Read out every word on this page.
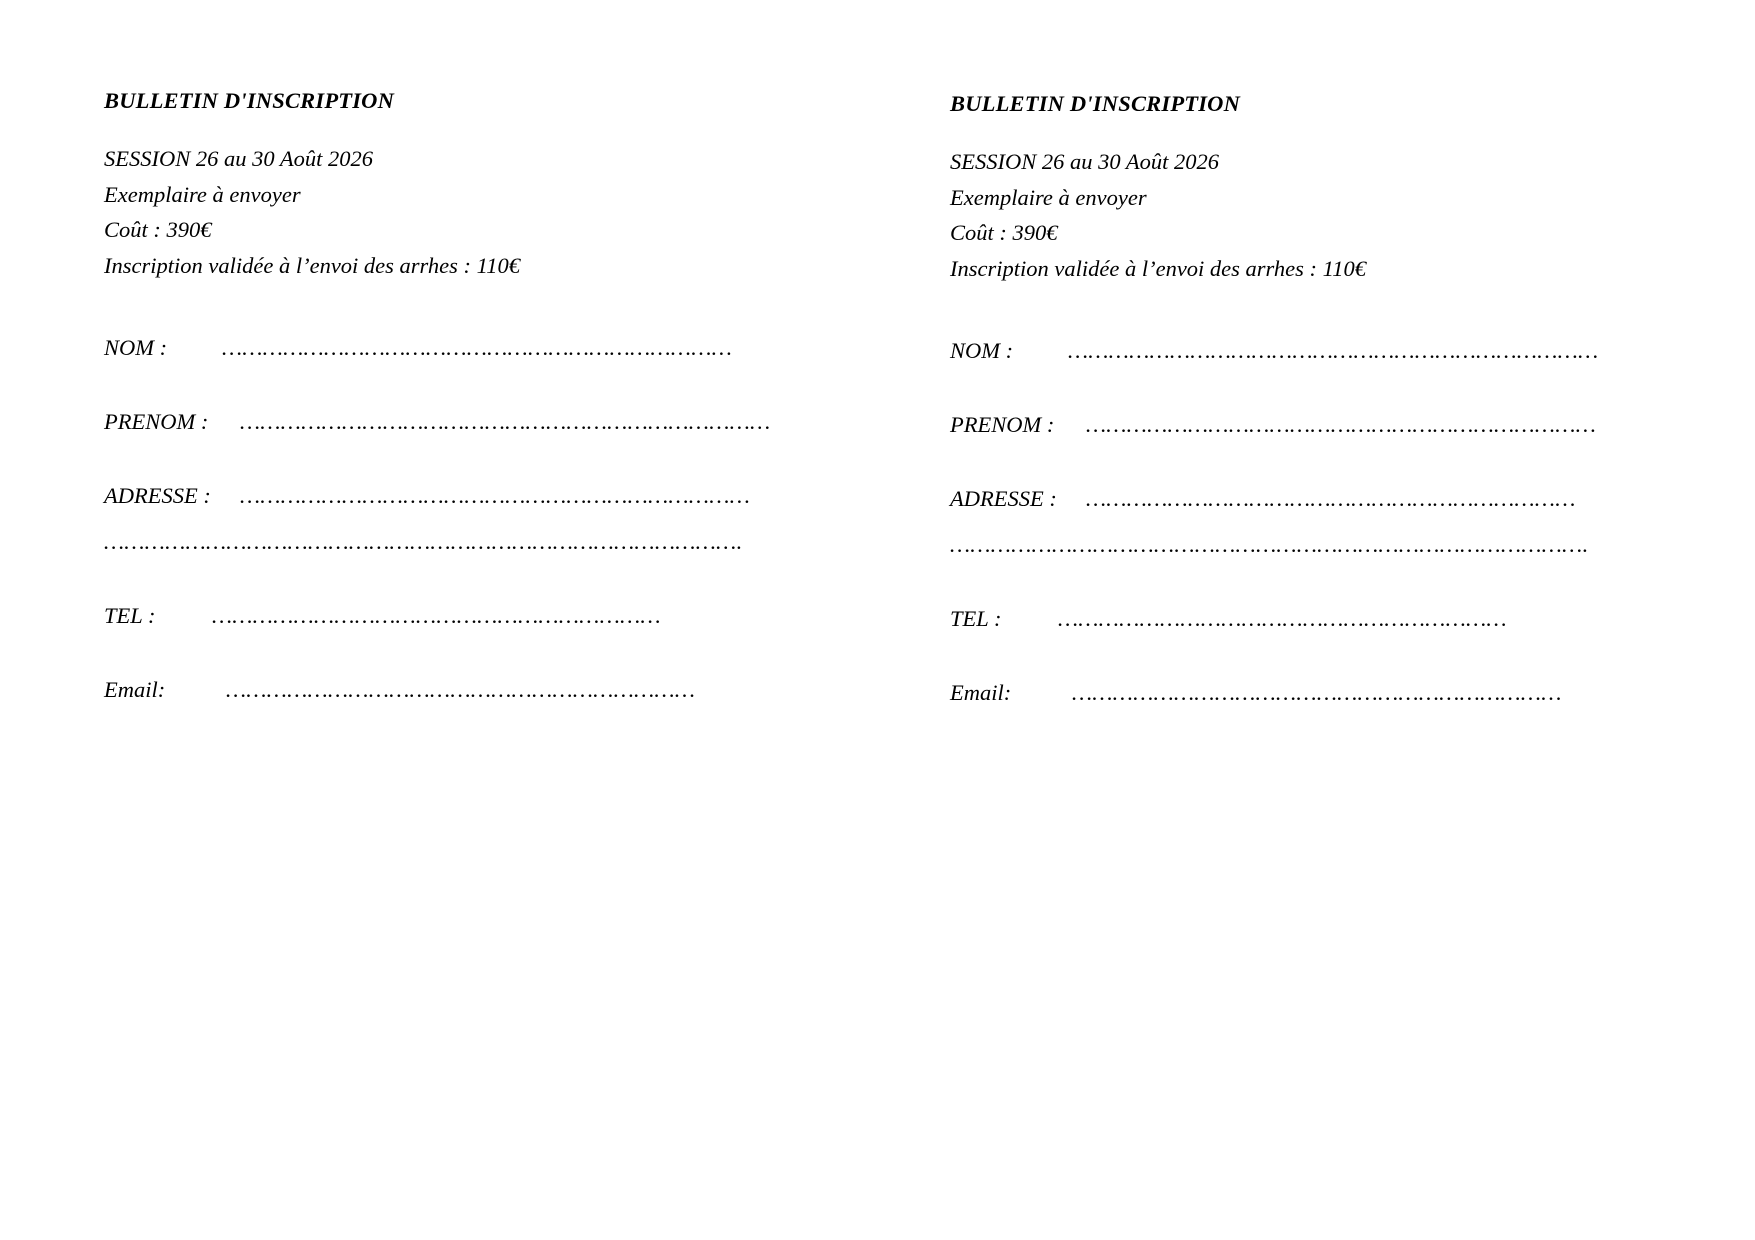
BULLETIN D'INSCRIPTION
SESSION 26 au 30 Août 2026
Exemplaire à envoyer
Coût : 390€
Inscription validée à l’envoi des arrhes : 110€
NOM :	…………………………………………………………………
PRENOM :	……………………………………………………………………
ADRESSE :	…………………………………………………………………
………………………………………………………………………………….
TEL :	…………………………………………………………
Email:	……………………………………………………………
BULLETIN D'INSCRIPTION
SESSION 26 au 30 Août 2026
Exemplaire à envoyer
Coût : 390€
Inscription validée à l’envoi des arrhes : 110€
NOM :	……………………………………………………………………
PRENOM :	…………………………………………………………………
ADRESSE :	………………………………………………………………
………………………………………………………………………………….
TEL :	…………………………………………………………
Email:	………………………………………………………………
